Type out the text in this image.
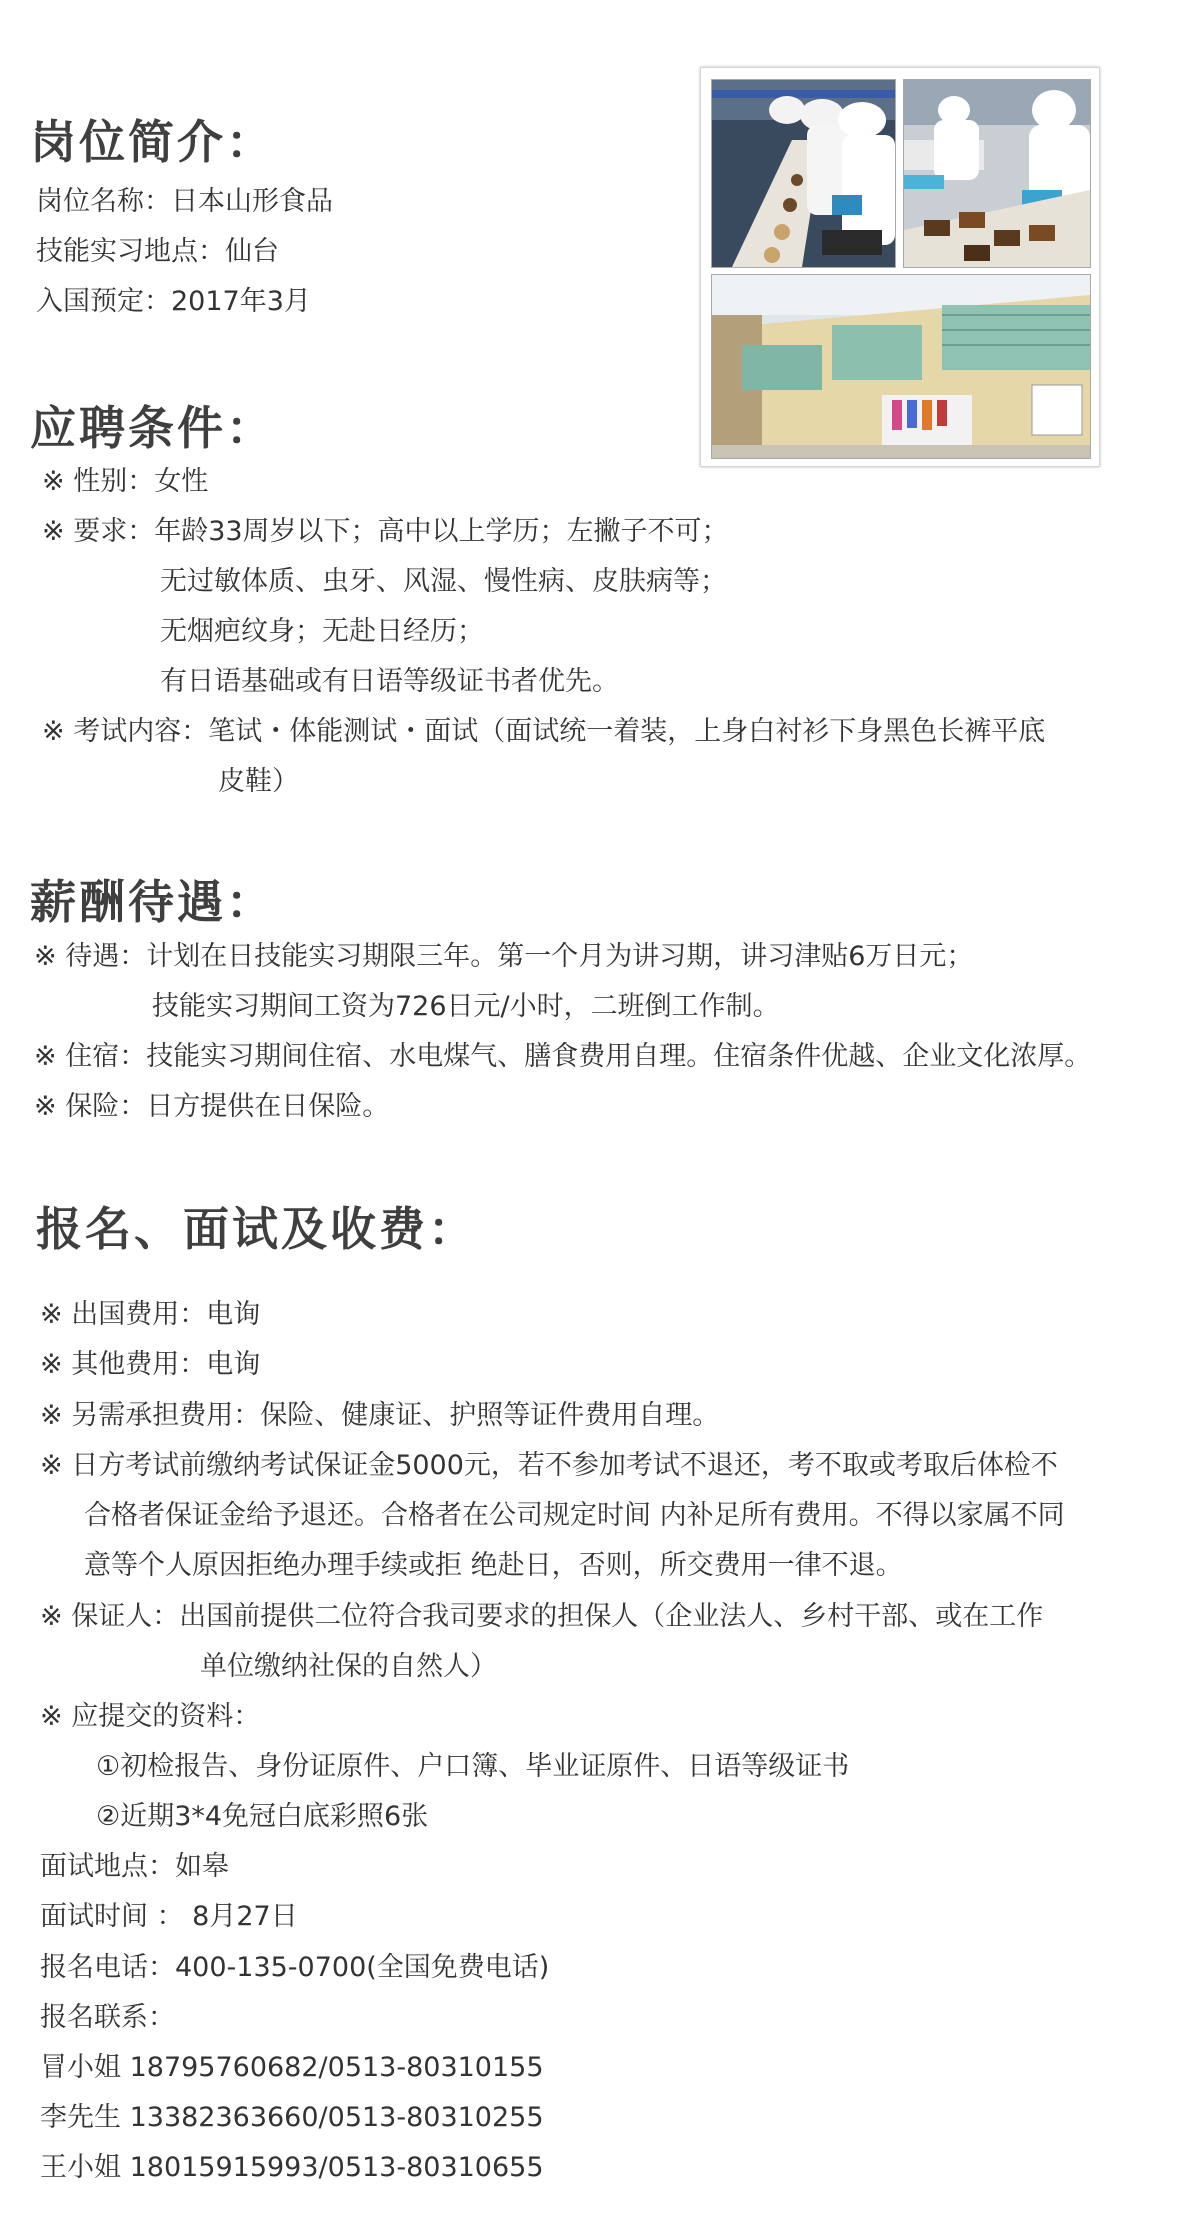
岗位简介：
岗位名称：日本山形食品
技能实习地点：仙台
入国预定：2017年3月
应聘条件：
※ 性别：女性
※ 要求：年龄33周岁以下；高中以上学历；左撇子不可；
无过敏体质、虫牙、风湿、慢性病、皮肤病等；
无烟疤纹身；无赴日经历；
有日语基础或有日语等级证书者优先。
※ 考试内容：笔试・体能测试・面试（面试统一着装，上身白衬衫下身黑色长裤平底
皮鞋）
薪酬待遇：
※ 待遇：计划在日技能实习期限三年。第一个月为讲习期，讲习津贴6万日元；
技能实习期间工资为726日元/小时，二班倒工作制。
※ 住宿：技能实习期间住宿、水电煤气、膳食费用自理。住宿条件优越、企业文化浓厚。
※ 保险：日方提供在日保险。
报名、面试及收费：
※ 出国费用：电询
※ 其他费用：电询
※ 另需承担费用：保险、健康证、护照等证件费用自理。
※ 日方考试前缴纳考试保证金5000元，若不参加考试不退还，考不取或考取后体检不
合格者保证金给予退还。合格者在公司规定时间 内补足所有费用。不得以家属不同
意等个人原因拒绝办理手续或拒 绝赴日，否则，所交费用一律不退。
※ 保证人：出国前提供二位符合我司要求的担保人（企业法人、乡村干部、或在工作
单位缴纳社保的自然人）
※ 应提交的资料：
①初检报告、身份证原件、户口簿、毕业证原件、日语等级证书
②近期3*4免冠白底彩照6张
面试地点：如皋
面试时间 ： 8月27日
报名电话：400-135-0700(全国免费电话)
报名联系：
冒小姐 18795760682/0513-80310155
李先生 13382363660/0513-80310255
王小姐 18015915993/0513-80310655
